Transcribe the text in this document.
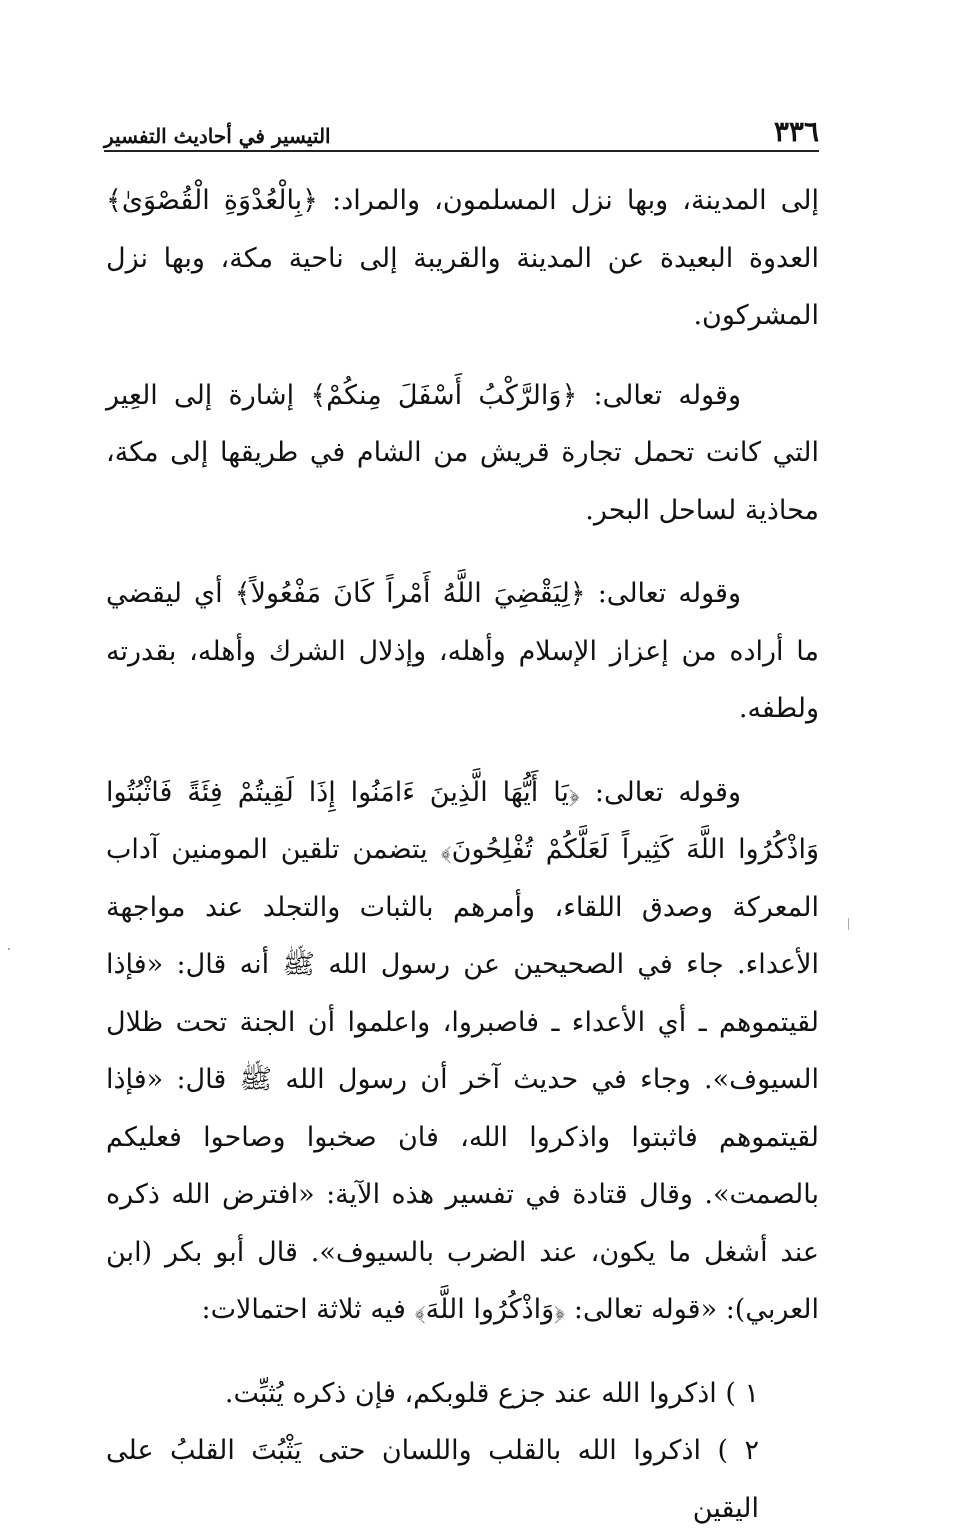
٣٣٦
التيسير في أحاديث التفسير

إلى المدينة، وبها نزل المسلمون، والمراد: ﴿بِالْعُدْوَةِ الْقُصْوَىٰ﴾ العدوة البعيدة عن المدينة والقريبة إلى ناحية مكة، وبها نزل المشركون.

وقوله تعالى: ﴿وَالرَّكْبُ أَسْفَلَ مِنكُمْ﴾ إشارة إلى العِير التي كانت تحمل تجارة قريش من الشام في طريقها إلى مكة، محاذية لساحل البحر.

وقوله تعالى: ﴿لِيَقْضِيَ اللَّهُ أَمْراً كَانَ مَفْعُولاً﴾ أي ليقضي ما أراده من إعزاز الإسلام وأهله، وإذلال الشرك وأهله، بقدرته ولطفه.

وقوله تعالى: ﴿يَا أَيُّهَا الَّذِينَ ءَامَنُوا إِذَا لَقِيتُمْ فِئَةً فَاثْبُتُوا وَاذْكُرُوا اللَّهَ كَثِيراً لَعَلَّكُمْ تُفْلِحُونَ﴾ يتضمن تلقين المومنين آداب المعركة وصدق اللقاء، وأمرهم بالثبات والتجلد عند مواجهة الأعداء. جاء في الصحيحين عن رسول الله ﷺ أنه قال: «فإذا لقيتموهم ـ أي الأعداء ـ فاصبروا، واعلموا أن الجنة تحت ظلال السيوف». وجاء في حديث آخر أن رسول الله ﷺ قال: «فإذا لقيتموهم فاثبتوا واذكروا الله، فان صخبوا وصاحوا فعليكم بالصمت». وقال قتادة في تفسير هذه الآية: «افترض الله ذكره عند أشغل ما يكون، عند الضرب بالسيوف». قال أبو بكر (ابن العربي): «قوله تعالى: ﴿وَاذْكُرُوا اللَّهَ﴾ فيه ثلاثة احتمالات:

١ ) اذكروا الله عند جزع قلوبكم، فإن ذكره يُثبِّت.

٢ ) اذكروا الله بالقلب واللسان حتى يَثْبُتَ القلبُ على اليقين
